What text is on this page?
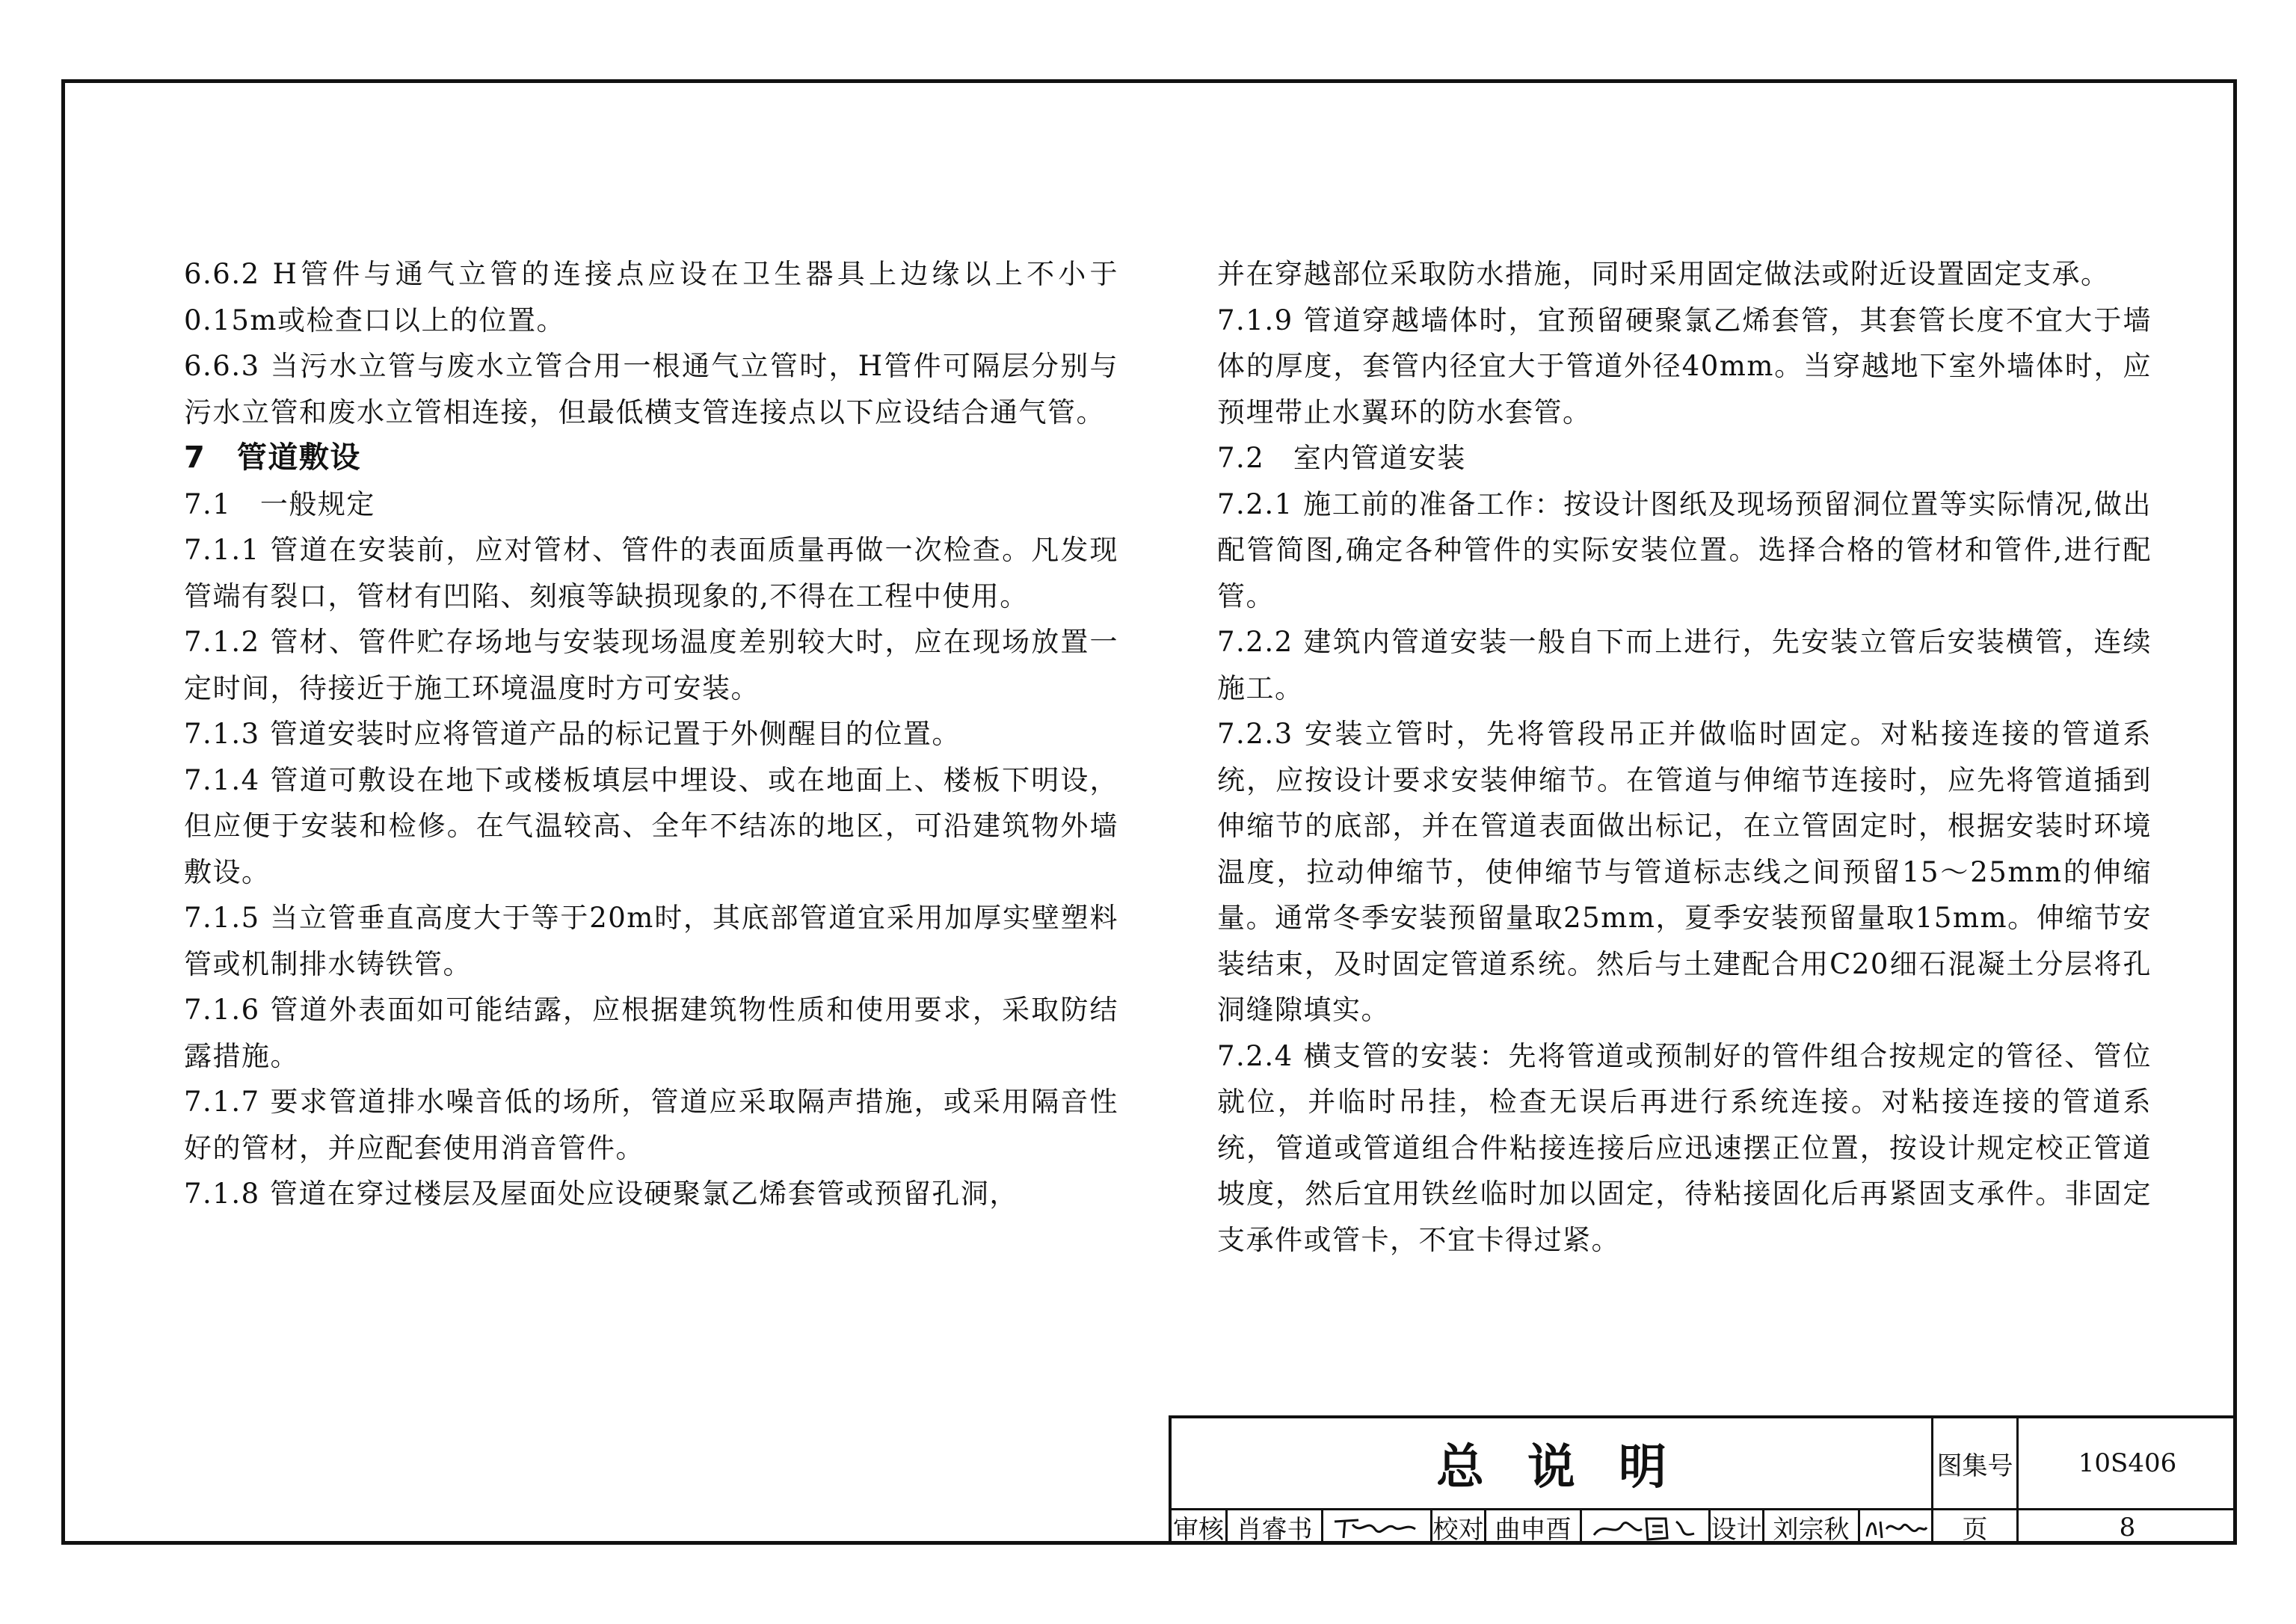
6.6.2 H管件与通气立管的连接点应设在卫生器具上边缘以上不小于0.15m或检查口以上的位置。

6.6.3 当污水立管与废水立管合用一根通气立管时，H管件可隔层分别与污水立管和废水立管相连接，但最低横支管连接点以下应设结合通气管。

7　管道敷设

7.1　一般规定

7.1.1 管道在安装前，应对管材、管件的表面质量再做一次检查。凡发现管端有裂口，管材有凹陷、刻痕等缺损现象的,不得在工程中使用。

7.1.2 管材、管件贮存场地与安装现场温度差别较大时，应在现场放置一定时间，待接近于施工环境温度时方可安装。

7.1.3 管道安装时应将管道产品的标记置于外侧醒目的位置。

7.1.4 管道可敷设在地下或楼板填层中埋设、或在地面上、楼板下明设，但应便于安装和检修。在气温较高、全年不结冻的地区，可沿建筑物外墙敷设。

7.1.5 当立管垂直高度大于等于20m时，其底部管道宜采用加厚实壁塑料管或机制排水铸铁管。

7.1.6 管道外表面如可能结露，应根据建筑物性质和使用要求，采取防结露措施。

7.1.7 要求管道排水噪音低的场所，管道应采取隔声措施，或采用隔音性好的管材，并应配套使用消音管件。

7.1.8 管道在穿过楼层及屋面处应设硬聚氯乙烯套管或预留孔洞，

并在穿越部位采取防水措施，同时采用固定做法或附近设置固定支承。

7.1.9 管道穿越墙体时，宜预留硬聚氯乙烯套管，其套管长度不宜大于墙体的厚度，套管内径宜大于管道外径40mm。当穿越地下室外墙体时，应预埋带止水翼环的防水套管。

7.2　室内管道安装

7.2.1 施工前的准备工作：按设计图纸及现场预留洞位置等实际情况,做出配管简图,确定各种管件的实际安装位置。选择合格的管材和管件,进行配管。

7.2.2 建筑内管道安装一般自下而上进行，先安装立管后安装横管，连续施工。

7.2.3 安装立管时，先将管段吊正并做临时固定。对粘接连接的管道系统，应按设计要求安装伸缩节。在管道与伸缩节连接时，应先将管道插到伸缩节的底部，并在管道表面做出标记，在立管固定时，根据安装时环境温度，拉动伸缩节，使伸缩节与管道标志线之间预留15～25mm的伸缩量。通常冬季安装预留量取25mm，夏季安装预留量取15mm。伸缩节安装结束，及时固定管道系统。然后与土建配合用C20细石混凝土分层将孔洞缝隙填实。

7.2.4 横支管的安装：先将管道或预制好的管件组合按规定的管径、管位就位，并临时吊挂，检查无误后再进行系统连接。对粘接连接的管道系统，管道或管道组合件粘接连接后应迅速摆正位置，按设计规定校正管道坡度，然后宜用铁丝临时加以固定，待粘接固化后再紧固支承件。非固定支承件或管卡，不宜卡得过紧。

总说明	图集号	10S406
审核 肖睿书	校对 曲申酉	设计 刘宗秋	页	8
